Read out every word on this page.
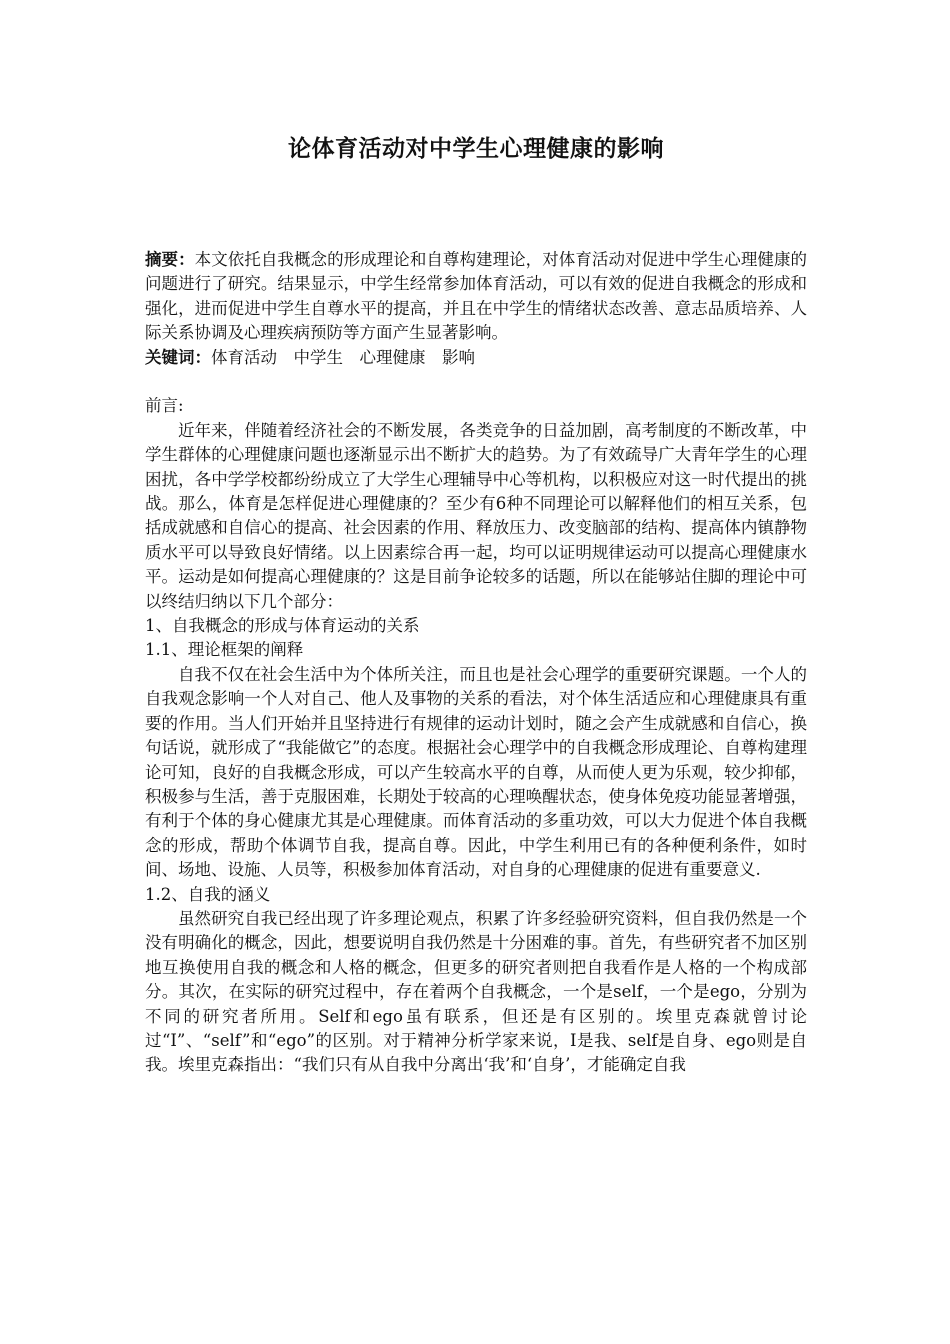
论体育活动对中学生心理健康的影响

摘要：本文依托自我概念的形成理论和自尊构建理论，对体育活动对促进中学生心理健康的问题进行了研究。结果显示，中学生经常参加体育活动，可以有效的促进自我概念的形成和强化，进而促进中学生自尊水平的提高，并且在中学生的情绪状态改善、意志品质培养、人际关系协调及心理疾病预防等方面产生显著影响。

关键词：体育活动　中学生　心理健康　影响

前言:

近年来，伴随着经济社会的不断发展，各类竞争的日益加剧，高考制度的不断改革，中学生群体的心理健康问题也逐渐显示出不断扩大的趋势。为了有效疏导广大青年学生的心理困扰，各中学学校都纷纷成立了大学生心理辅导中心等机构，以积极应对这一时代提出的挑战。那么，体育是怎样促进心理健康的？至少有6种不同理论可以解释他们的相互关系，包括成就感和自信心的提高、社会因素的作用、释放压力、改变脑部的结构、提高体内镇静物质水平可以导致良好情绪。以上因素综合再一起，均可以证明规律运动可以提高心理健康水平。运动是如何提高心理健康的？这是目前争论较多的话题，所以在能够站住脚的理论中可以终结归纳以下几个部分：

1、自我概念的形成与体育运动的关系

1.1、理论框架的阐释

自我不仅在社会生活中为个体所关注，而且也是社会心理学的重要研究课题。一个人的自我观念影响一个人对自己、他人及事物的关系的看法，对个体生活适应和心理健康具有重要的作用。当人们开始并且坚持进行有规律的运动计划时，随之会产生成就感和自信心，换句话说，就形成了“我能做它”的态度。根据社会心理学中的自我概念形成理论、自尊构建理论可知，良好的自我概念形成，可以产生较高水平的自尊，从而使人更为乐观，较少抑郁，积极参与生活，善于克服困难，长期处于较高的心理唤醒状态，使身体免疫功能显著增强，有利于个体的身心健康尤其是心理健康。而体育活动的多重功效，可以大力促进个体自我概念的形成，帮助个体调节自我，提高自尊。因此，中学生利用已有的各种便利条件，如时间、场地、设施、人员等，积极参加体育活动，对自身的心理健康的促进有重要意义.

1.2、自我的涵义

虽然研究自我已经出现了许多理论观点，积累了许多经验研究资料，但自我仍然是一个没有明确化的概念，因此，想要说明自我仍然是十分困难的事。首先，有些研究者不加区别地互换使用自我的概念和人格的概念，但更多的研究者则把自我看作是人格的一个构成部分。其次，在实际的研究过程中，存在着两个自我概念，一个是self，一个是ego，分别为不同的研究者所用。Self和ego虽有联系，但还是有区别的。埃里克森就曾讨论过“I”、“self”和“ego”的区别。对于精神分析学家来说，I是我、self是自身、ego则是自我。埃里克森指出：“我们只有从自我中分离出‘我’和‘自身’，才能确定自我
